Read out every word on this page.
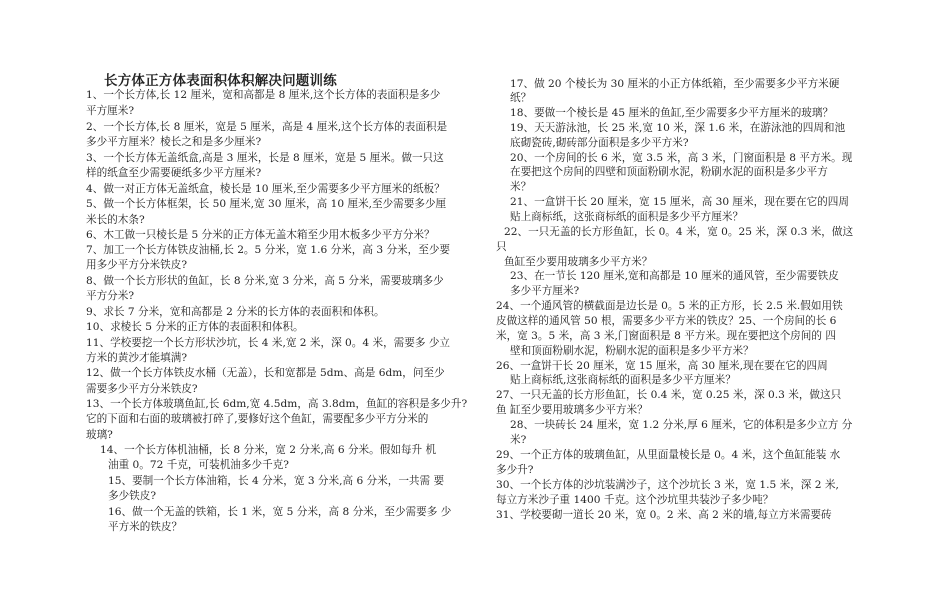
长方体正方体表面积体积解决问题训练
1、一个长方体,长 12 厘米，宽和高都是 8 厘米,这个长方体的表面积是多少
平方厘米?
2、一个长方体,长 8 厘米，宽是 5 厘米，高是 4 厘米,这个长方体的表面积是
多少平方厘米？棱长之和是多少厘米?
3、一个长方体无盖纸盒,高是 3 厘米，长是 8 厘米，宽是 5 厘米。做一只这
样的纸盒至少需要硬纸多少平方厘米?
4、做一对正方体无盖纸盒，棱长是 10 厘米,至少需要多少平方厘米的纸板？
5、做一个长方体框架，长 50 厘米,宽 30 厘米，高 10 厘米,至少需要多少厘
米长的木条?
6、木工做一只棱长是 5 分米的正方体无盖木箱至少用木板多少平方分米？
7、加工一个长方体铁皮油桶,长 2。5 分米，宽 1.6 分米，高 3 分米，至少要
用多少平方分米铁皮?
8、做一个长方形状的鱼缸，长 8 分米,宽 3 分米，高 5 分米，需要玻璃多少
平方分米?
9、求长 7 分米，宽和高都是 2 分米的长方体的表面积和体积。
10、求棱长 5 分米的正方体的表面积和体积。
11、学校要挖一个长方形状沙坑，长 4 米,宽 2 米，深 0。4 米，需要多 少立
方米的黄沙才能填满?
12、做一个长方体铁皮水桶（无盖），长和宽都是 5dm、高是 6dm，问至少
需要多少平方分米铁皮?
13、一个长方体玻璃鱼缸,长 6dm,宽 4.5dm，高 3.8dm，鱼缸的容积是多少升?
它的下面和右面的玻璃被打碎了,要修好这个鱼缸，需要配多少平方分米的
玻璃?
14、一个长方体机油桶，长 8 分米，宽 2 分米,高 6 分米。假如每升 机
油重 0。72 千克，可装机油多少千克?
15、要制一个长方体油箱，长 4 分米，宽 3 分米,高 6 分米，一共需 要
多少铁皮?
16、做一个无盖的铁箱，长 1 米，宽 5 分米，高 8 分米，至少需要多 少
平方米的铁皮？
17、做 20 个棱长为 30 厘米的小正方体纸箱，至少需要多少平方米硬
纸？
18、要做一个棱长是 45 厘米的鱼缸,至少需要多少平方厘米的玻璃？
19、天天游泳池，长 25 米,宽 10 米，深 1.6 米，在游泳池的四周和池
底砌瓷砖,砌砖部分面积是多少平方米?
20、一个房间的长 6 米，宽 3.5 米，高 3 米，门窗面积是 8 平方米。现
在要把这个房间的四壁和顶面粉刷水泥，粉刷水泥的面积是多少平方
米？
21、一盒饼干长 20 厘米，宽 15 厘米，高 30 厘米，现在要在它的四周
贴上商标纸，这张商标纸的面积是多少平方厘米？
22、一只无盖的长方形鱼缸，长 0。4 米，宽 0。25 米，深 0.3 米，做这
只
鱼缸至少要用玻璃多少平方米？
23、在一节长 120 厘米,宽和高都是 10 厘米的通风管，至少需要铁皮
多少平方厘米?
24、一个通风管的横截面是边长是 0。5 米的正方形，长 2.5 米.假如用铁
皮做这样的通风管 50 根，需要多少平方米的铁皮？25、一个房间的长 6
米，宽 3。5 米，高 3 米,门窗面积是 8 平方米。现在要把这个房间的 四
壁和顶面粉刷水泥，粉刷水泥的面积是多少平方米？
26、一盒饼干长 20 厘米，宽 15 厘米，高 30 厘米,现在要在它的四周
贴上商标纸,这张商标纸的面积是多少平方厘米？
27、一只无盖的长方形鱼缸，长 0.4 米，宽 0.25 米，深 0.3 米，做这只
鱼 缸至少要用玻璃多少平方米？
28、一块砖长 24 厘米，宽 1.2 分米,厚 6 厘米，它的体积是多少立方 分
米?
29、一个正方体的玻璃鱼缸，从里面量棱长是 0。4 米，这个鱼缸能装 水
多少升?
30、一个长方体的沙坑装满沙子，这个沙坑长 3 米，宽 1.5 米，深 2 米,
每立方米沙子重 1400 千克。这个沙坑里共装沙子多少吨？
31、学校要砌一道长 20 米，宽 0。2 米、高 2 米的墙,每立方米需要砖
